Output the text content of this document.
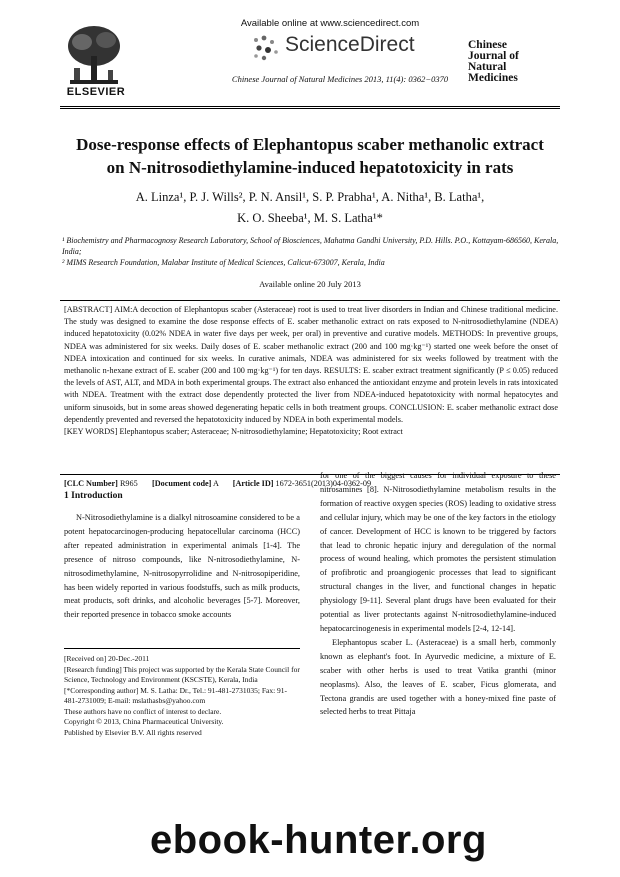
ELSEVIER
Available online at www.sciencedirect.com
ScienceDirect
Chinese Journal of Natural Medicines 2013, 11(4): 0362−0370
Chinese
Journal of
Natural
Medicines
Dose-response effects of Elephantopus scaber methanolic extract
on N-nitrosodiethylamine-induced hepatotoxicity in rats
A. Linza¹, P. J. Wills², P. N. Ansil¹, S. P. Prabha¹, A. Nitha¹, B. Latha¹,
K. O. Sheeba¹, M. S. Latha¹*
¹ Biochemistry and Pharmacognosy Research Laboratory, School of Biosciences, Mahatma Gandhi University, P.D. Hills. P.O., Kottayam-686560, Kerala, India;
² MIMS Research Foundation, Malabar Institute of Medical Sciences, Calicut-673007, Kerala, India
Available online 20 July 2013

[ABSTRACT] AIM:A decoction of Elephantopus scaber (Asteraceae) root is used to treat liver disorders in Indian and Chinese traditional medicine. The study was designed to examine the dose response effects of E. scaber methanolic extract on rats exposed to N-nitrosodiethylamine (NDEA) induced hepatotoxicity (0.02% NDEA in water five days per week, per oral) in preventive and curative models. METHODS: In preventive groups, NDEA was administered for six weeks. Daily doses of E. scaber methanolic extract (200 and 100 mg·kg⁻¹) started one week before the onset of NDEA intoxication and continued for six weeks. In curative animals, NDEA was administered for six weeks followed by treatment with the methanolic n-hexane extract of E. scaber (200 and 100 mg·kg⁻¹) for ten days. RESULTS: E. scaber extract treatment significantly (P ≤ 0.05) reduced the levels of AST, ALT, and MDA in both experimental groups. The extract also enhanced the antioxidant enzyme and protein levels in rats intoxicated with NDEA. Treatment with the extract dose dependently protected the liver from NDEA-induced hepatotoxicity with normal hepatocytes and uniform sinusoids, but in some areas showed degenerating hepatic cells in both treatment groups. CONCLUSION: E. scaber methanolic extract dose dependently prevented and reversed the hepatotoxicity induced by NDEA in both experimental models.

[KEY WORDS] Elephantopus scaber; Asteraceae; N-nitrosodiethylamine; Hepatotoxicity; Root extract

[CLC Number] R965 [Document code] A [Article ID] 1672-3651(2013)04-0362-09
1 Introduction

N-Nitrosodiethylamine is a dialkyl nitrosoamine considered to be a potent hepatocarcinogen-producing hepatocellular carcinoma (HCC) after repeated administration in experimental animals [1-4]. The presence of nitroso compounds, like N-nitrosodiethylamine, N-nitrosodimethylamine, N-nitrosopyrrolidine and N-nitrosopiperidine, has been widely reported in various foodstuffs, such as milk products, meat products, soft drinks, and alcoholic beverages [5-7]. Moreover, their reported presence in tobacco smoke accounts

for one of the biggest causes for individual exposure to these nitrosamines [8]. N-Nitrosodiethylamine metabolism results in the formation of reactive oxygen species (ROS) leading to oxidative stress and cellular injury, which may be one of the key factors in the etiology of cancer. Development of HCC is known to be triggered by factors that lead to chronic hepatic injury and deregulation of the normal process of wound healing, which promotes the persistent stimulation of profibrotic and proangiogenic processes that lead to significant structural changes in the liver, and functional changes in hepatic physiology [9-11]. Several plant drugs have been evaluated for their potential as liver protectants against N-nitrosodiethylamine-induced hepatocarcinogenesis in experimental models [2-4, 12-14].

Elephantopus scaber L. (Asteraceae) is a small herb, commonly known as elephant's foot. In Ayurvedic medicine, a mixture of E. scaber with other herbs is used to treat Vatika granthi (minor neoplasms). Also, the leaves of E. scaber, Ficus glomerata, and Tectona grandis are used together with a honey-mixed fine paste of selected herbs to treat Pittaja

[Received on] 20-Dec.-2011
[Research funding] This project was supported by the Kerala State Council for Science, Technology and Environment (KSCSTE), Kerala, India
[*Corresponding author] M. S. Latha: Dr., Tel.: 91-481-2731035; Fax: 91-481-2731009; E-mail: mslathasbs@yahoo.com
These authors have no conflict of interest to declare.
Copyright © 2013, China Pharmaceutical University.
Published by Elsevier B.V. All rights reserved
ebook-hunter.org
